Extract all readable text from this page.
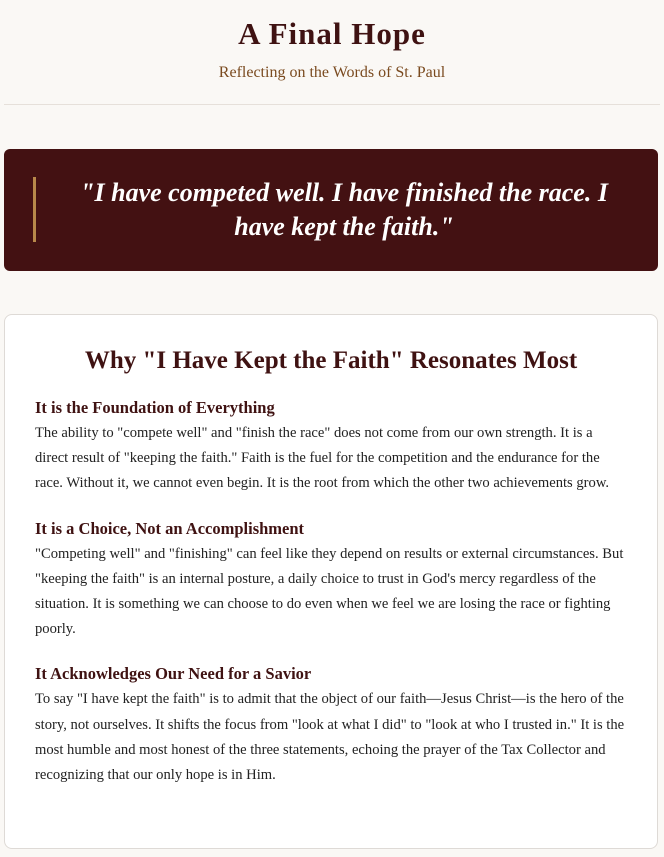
A Final Hope

Reflecting on the Words of St. Paul

"I have competed well. I have finished the race. I have kept the faith."
Why "I Have Kept the Faith" Resonates Most
It is the Foundation of Everything

The ability to "compete well" and "finish the race" does not come from our own strength. It is a direct result of "keeping the faith." Faith is the fuel for the competition and the endurance for the race. Without it, we cannot even begin. It is the root from which the other two achievements grow.

It is a Choice, Not an Accomplishment

"Competing well" and "finishing" can feel like they depend on results or external circumstances. But "keeping the faith" is an internal posture, a daily choice to trust in God's mercy regardless of the situation. It is something we can choose to do even when we feel we are losing the race or fighting poorly.

It Acknowledges Our Need for a Savior

To say "I have kept the faith" is to admit that the object of our faith—Jesus Christ—is the hero of the story, not ourselves. It shifts the focus from "look at what I did" to "look at who I trusted in." It is the most humble and most honest of the three statements, echoing the prayer of the Tax Collector and recognizing that our only hope is in Him.
